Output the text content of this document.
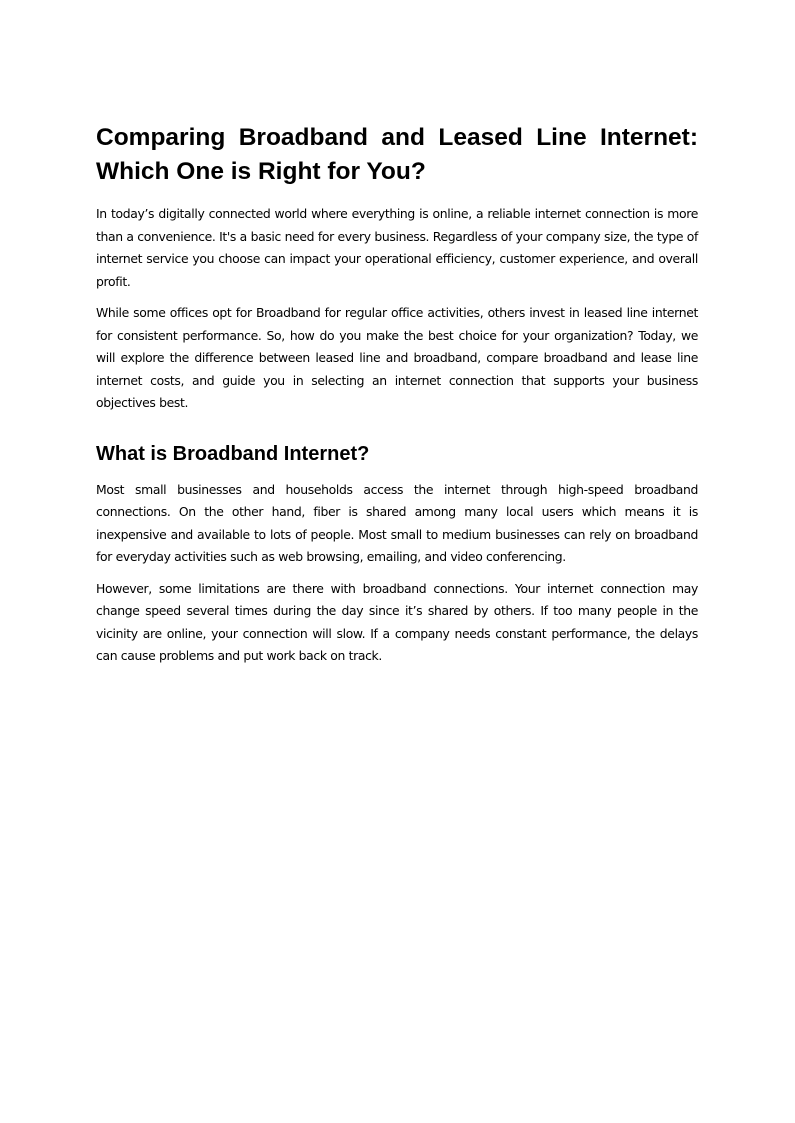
Comparing Broadband and Leased Line Internet: Which One is Right for You?

In today’s digitally connected world where everything is online, a reliable internet connection is more than a convenience. It's a basic need for every business. Regardless of your company size, the type of internet service you choose can impact your operational efficiency, customer experience, and overall profit.

While some offices opt for Broadband for regular office activities, others invest in leased line internet for consistent performance. So, how do you make the best choice for your organization? Today, we will explore the difference between leased line and broadband, compare broadband and lease line internet costs, and guide you in selecting an internet connection that supports your business objectives best.

What is Broadband Internet?

Most small businesses and households access the internet through high-speed broadband connections. On the other hand, fiber is shared among many local users which means it is inexpensive and available to lots of people. Most small to medium businesses can rely on broadband for everyday activities such as web browsing, emailing, and video conferencing.

However, some limitations are there with broadband connections. Your internet connection may change speed several times during the day since it’s shared by others. If too many people in the vicinity are online, your connection will slow. If a company needs constant performance, the delays can cause problems and put work back on track.
